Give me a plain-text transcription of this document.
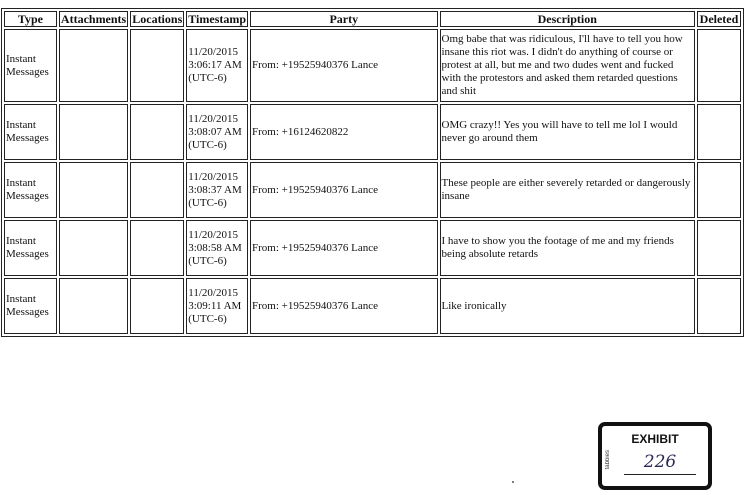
Type	Attachments	Locations	Timestamp	Party	Description	Deleted
Instant Messages			11/20/2015 3:06:17 AM (UTC-6)	From: +19525940376 Lance	Omg babe that was ridiculous, I'll have to tell you how insane this riot was. I didn't do anything of course or protest at all, but me and two dudes went and fucked with the protestors and asked them retarded questions and shit	
Instant Messages			11/20/2015 3:08:07 AM (UTC-6)	From: +16124620822	OMG crazy!! Yes you will have to tell me lol I would never go around them	
Instant Messages			11/20/2015 3:08:37 AM (UTC-6)	From: +19525940376 Lance	These people are either severely retarded or dangerously insane	
Instant Messages			11/20/2015 3:08:58 AM (UTC-6)	From: +19525940376 Lance	I have to show you the footage of me and my friends being absolute retards	
Instant Messages			11/20/2015 3:09:11 AM (UTC-6)	From: +19525940376 Lance	Like ironically	
tabbies
EXHIBIT
226
